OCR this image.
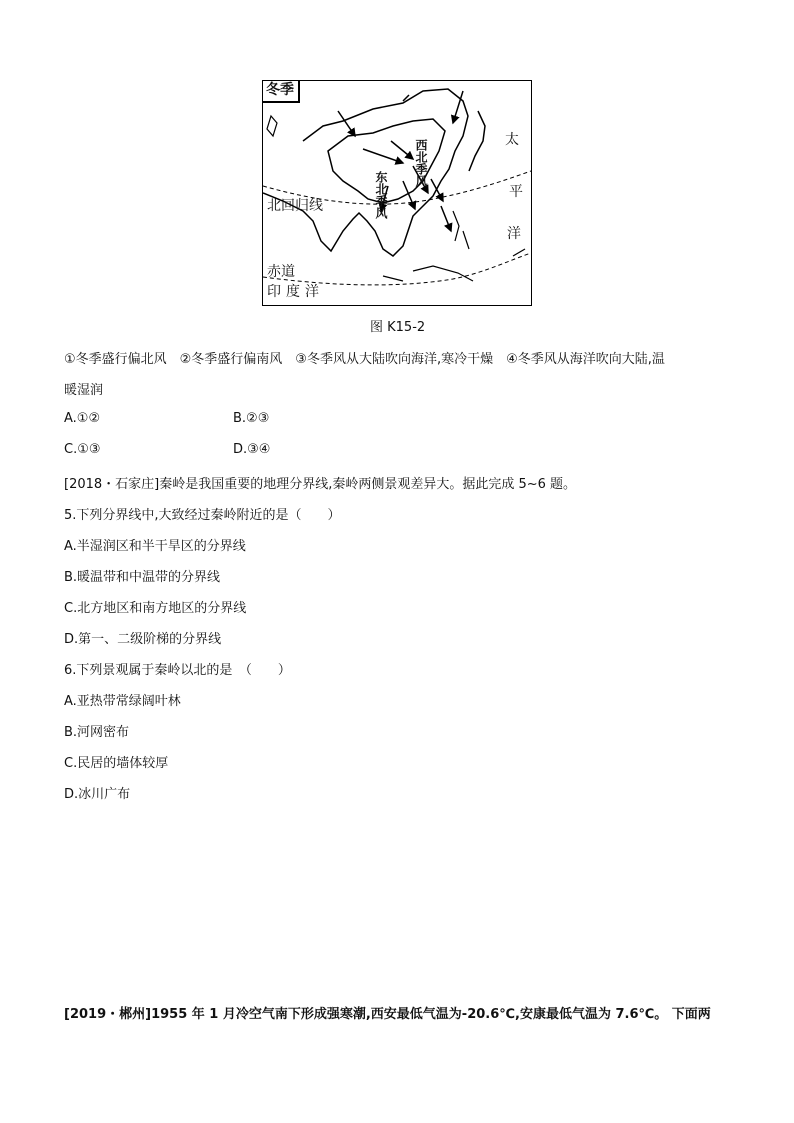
冬季
北回归线
赤道
印度洋
太
平
洋
西北季风
东北季风
图 K15-2
①冬季盛行偏北风　②冬季盛行偏南风　③冬季风从大陆吹向海洋,寒冷干燥　④冬季风从海洋吹向大陆,温
暖湿润
A.①②	B.②③
C.①③	D.③④
[2018・石家庄]秦岭是我国重要的地理分界线,秦岭两侧景观差异大。据此完成 5~6 题。
5.下列分界线中,大致经过秦岭附近的是（　　）
A.半湿润区和半干旱区的分界线
B.暖温带和中温带的分界线
C.北方地区和南方地区的分界线
D.第一、二级阶梯的分界线
6.下列景观属于秦岭以北的是　（　　）
A.亚热带常绿阔叶林
B.河网密布
C.民居的墙体较厚
D.冰川广布
[2019・郴州]1955 年 1 月冷空气南下形成强寒潮,西安最低气温为-20.6℃,安康最低气温为 7.6℃。 下面两
